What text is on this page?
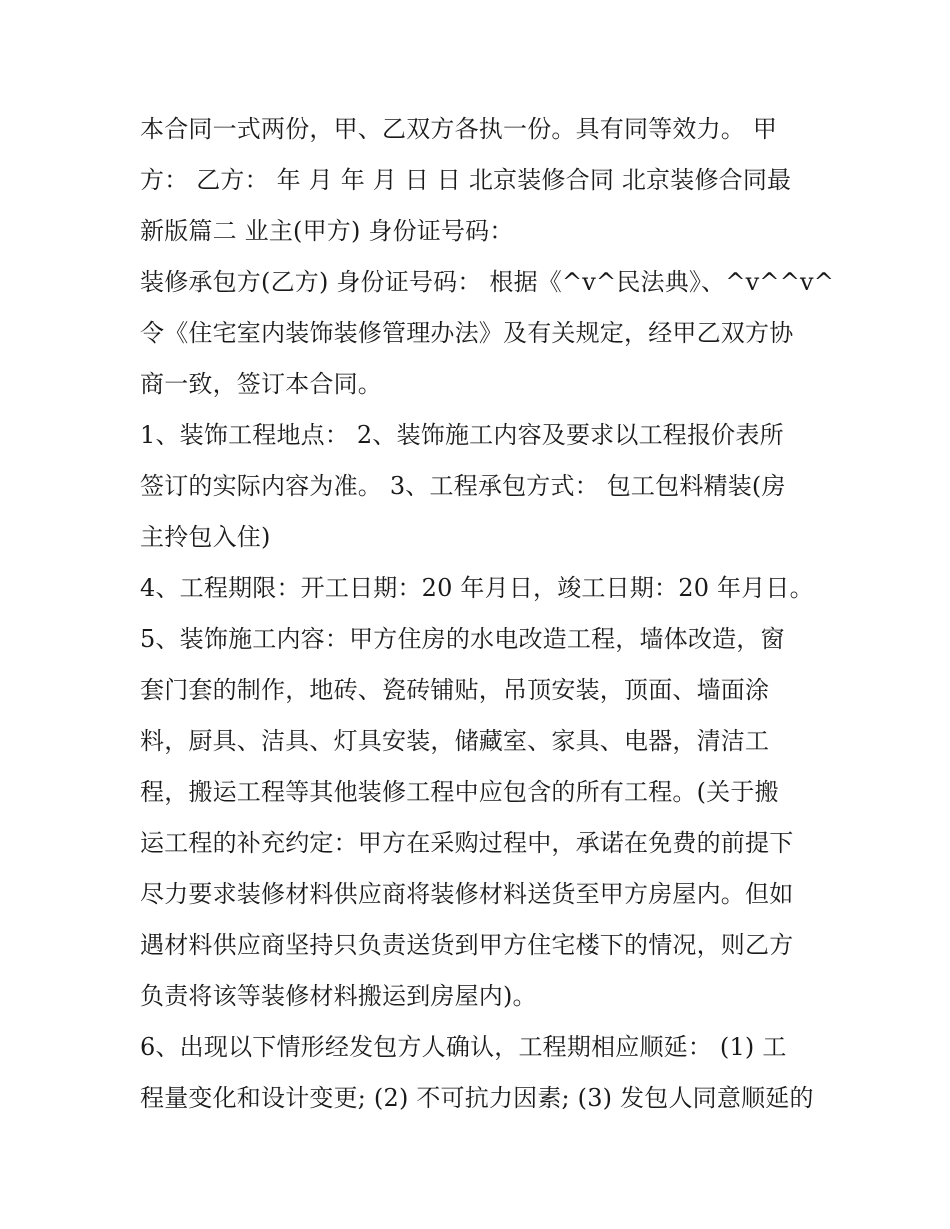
本合同一式两份，甲、乙双方各执一份。具有同等效力。 甲
方： 乙方： 年 月 年 月 日 日 北京装修合同 北京装修合同最
新版篇二 业主(甲方) 身份证号码：
装修承包方(乙方) 身份证号码： 根据《^v^民法典》、^v^^v^
令《住宅室内装饰装修管理办法》及有关规定，经甲乙双方协
商一致，签订本合同。
1、装饰工程地点： 2、装饰施工内容及要求以工程报价表所
签订的实际内容为准。 3、工程承包方式： 包工包料精装(房
主拎包入住)
4、工程期限：开工日期：20 年月日，竣工日期：20 年月日。
5、装饰施工内容：甲方住房的水电改造工程，墙体改造，窗
套门套的制作，地砖、瓷砖铺贴，吊顶安装，顶面、墙面涂
料，厨具、洁具、灯具安装，储藏室、家具、电器，清洁工
程，搬运工程等其他装修工程中应包含的所有工程。(关于搬
运工程的补充约定：甲方在采购过程中，承诺在免费的前提下
尽力要求装修材料供应商将装修材料送货至甲方房屋内。但如
遇材料供应商坚持只负责送货到甲方住宅楼下的情况，则乙方
负责将该等装修材料搬运到房屋内)。
6、出现以下情形经发包方人确认，工程期相应顺延： (1) 工
程量变化和设计变更; (2) 不可抗力因素; (3) 发包人同意顺延的
